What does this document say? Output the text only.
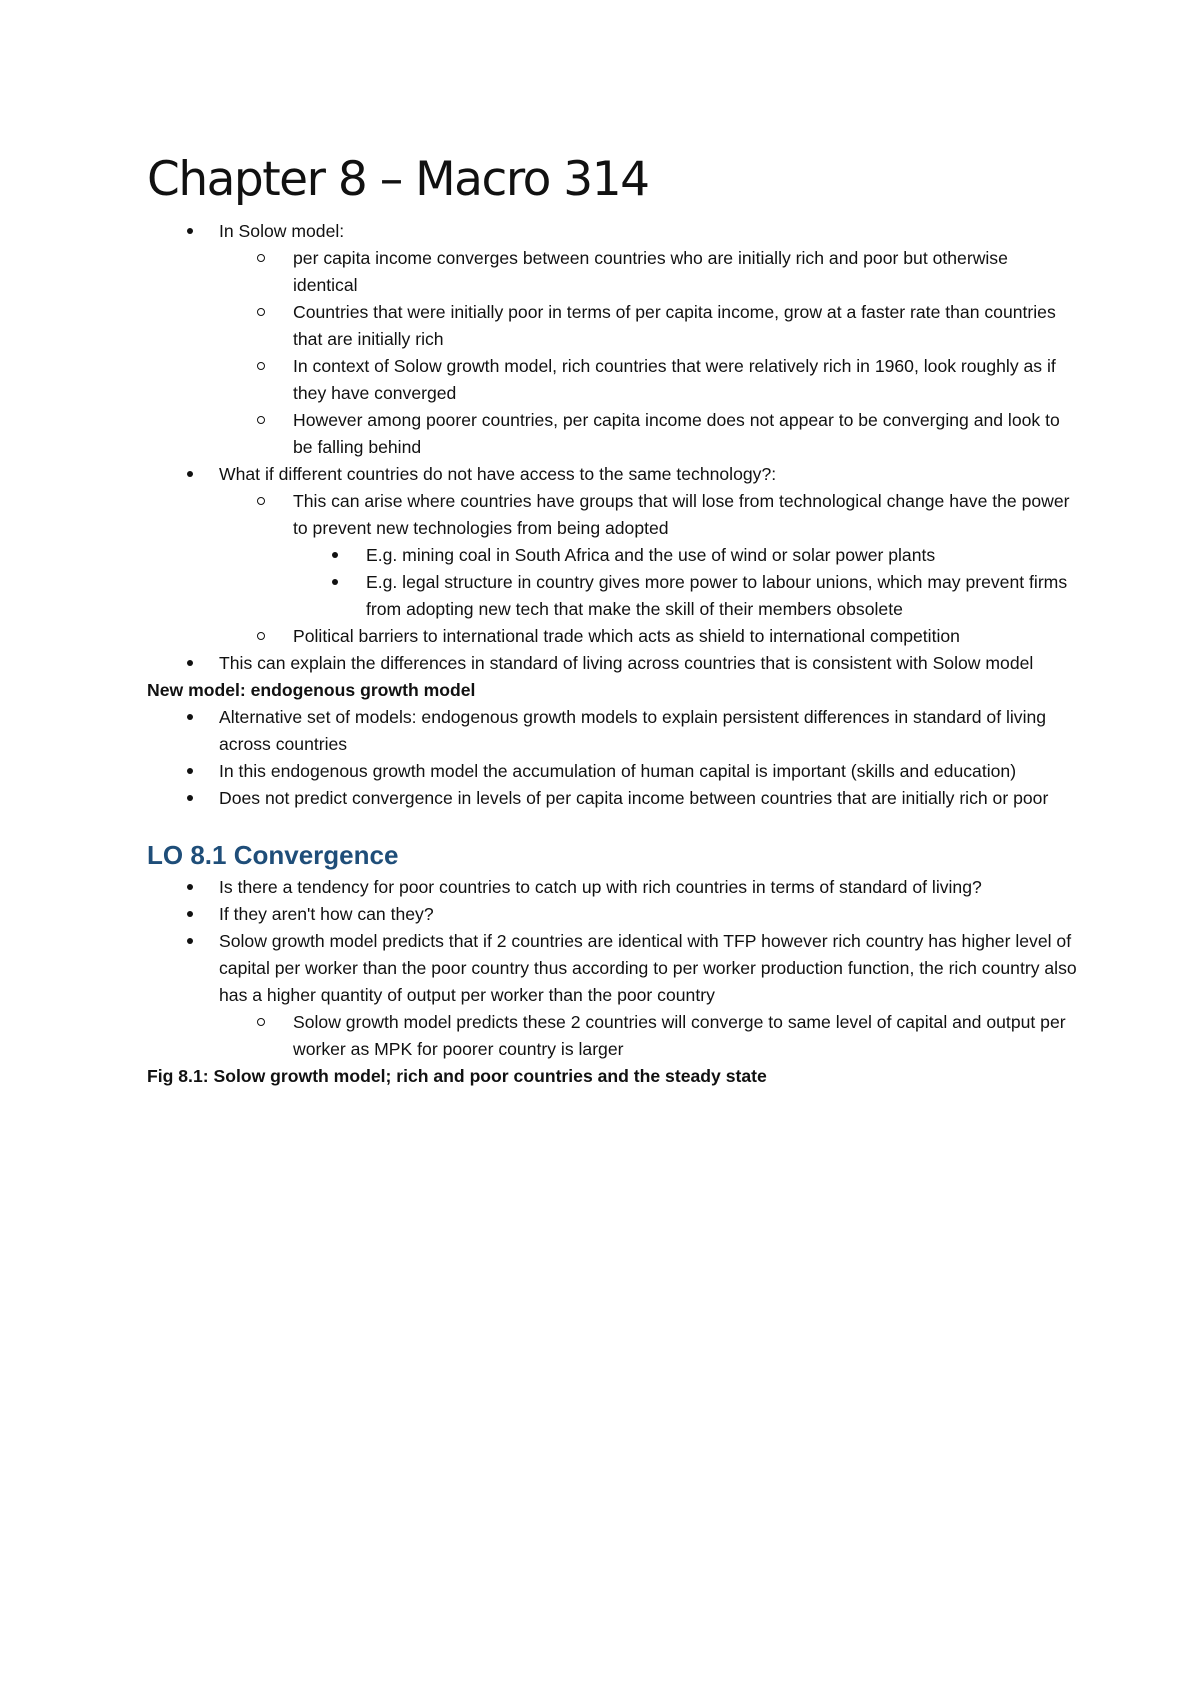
Chapter 8 – Macro 314
In Solow model:
per capita income converges between countries who are initially rich and poor but otherwise identical
Countries that were initially poor in terms of per capita income, grow at a faster rate than countries that are initially rich
In context of Solow growth model, rich countries that were relatively rich in 1960, look roughly as if they have converged
However among poorer countries, per capita income does not appear to be converging and look to be falling behind
What if different countries do not have access to the same technology?:
This can arise where countries have groups that will lose from technological change have the power to prevent new technologies from being adopted
E.g. mining coal in South Africa and the use of wind or solar power plants
E.g. legal structure in country gives more power to labour unions, which may prevent firms from adopting new tech that make the skill of their members obsolete
Political barriers to international trade which acts as shield to international competition
This can explain the differences in standard of living across countries that is consistent with Solow model
New model: endogenous growth model
Alternative set of models: endogenous growth models to explain persistent differences in standard of living across countries
In this endogenous growth model the accumulation of human capital is important (skills and education)
Does not predict convergence in levels of per capita income between countries that are initially rich or poor
LO 8.1 Convergence
Is there a tendency for poor countries to catch up with rich countries in terms of standard of living?
If they aren't how can they?
Solow growth model predicts that if 2 countries are identical with TFP however rich country has higher level of capital per worker than the poor country thus according to per worker production function, the rich country also has a higher quantity of output per worker than the poor country
Solow growth model predicts these 2 countries will converge to same level of capital and output per worker as MPK for poorer country is larger
Fig 8.1: Solow growth model; rich and poor countries and the steady state
